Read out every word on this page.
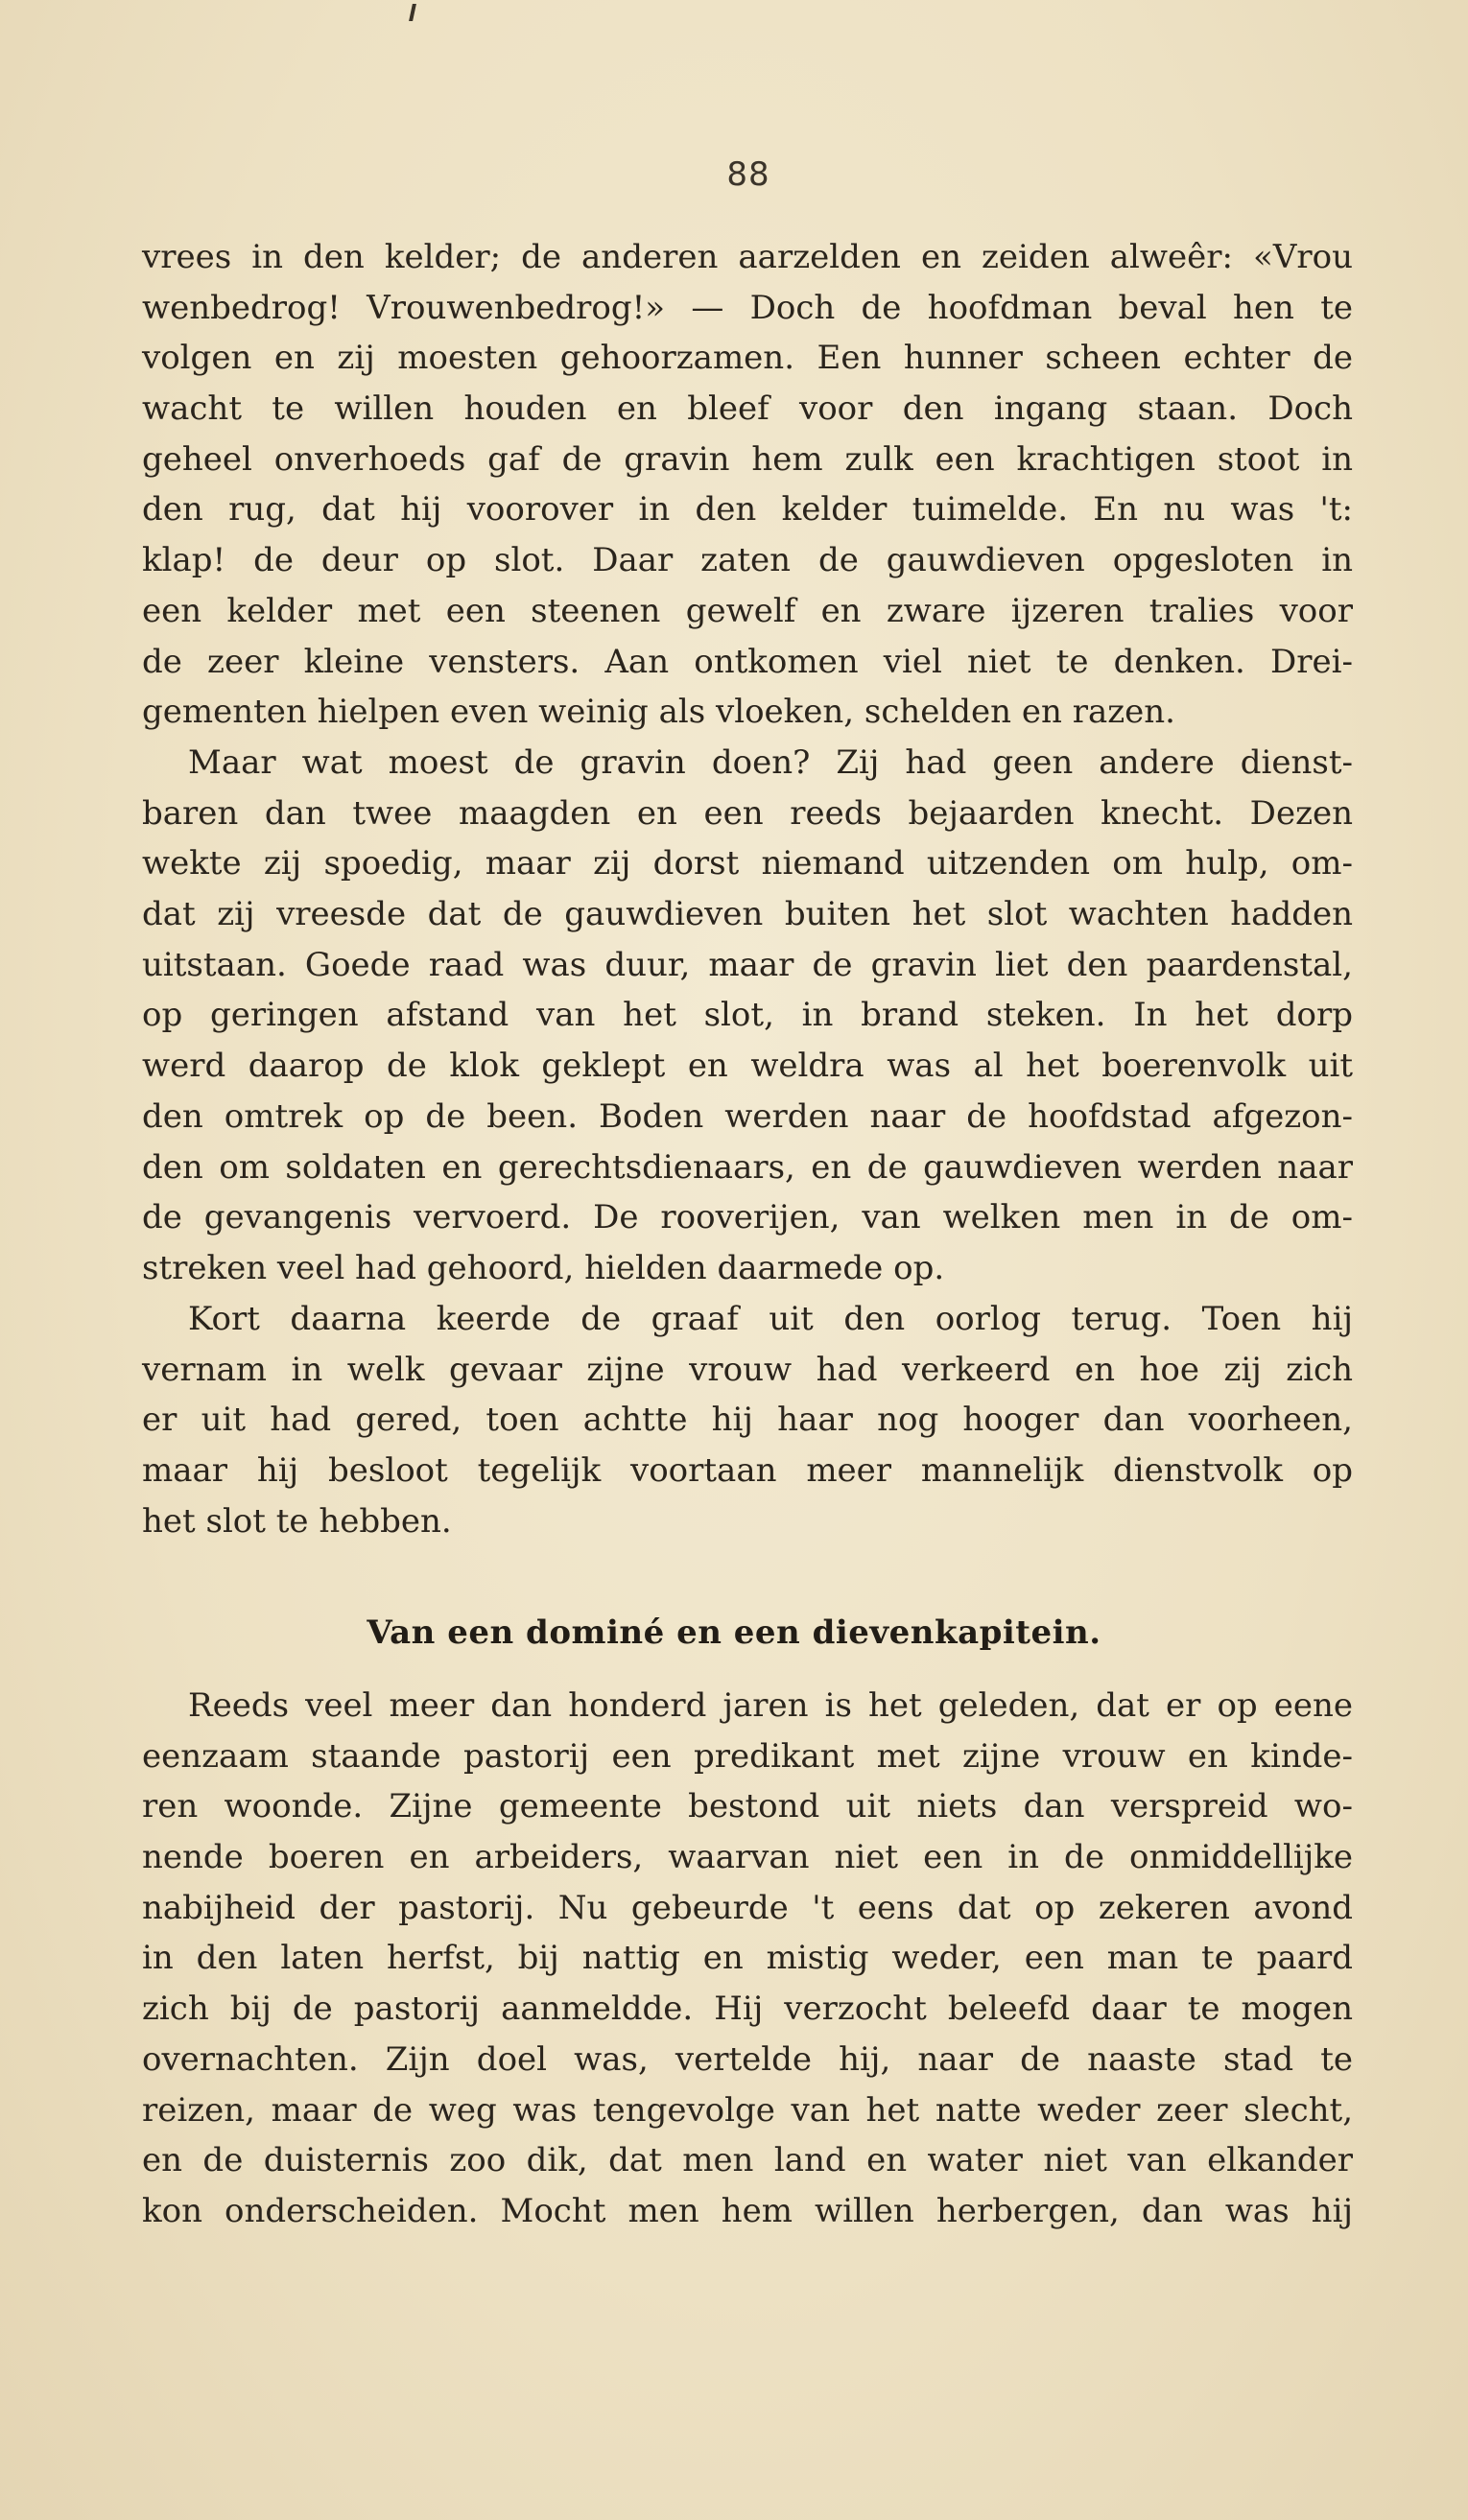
88
vrees in den kelder; de anderen aarzelden en zeiden alweêr: «Vrou
wenbedrog! Vrouwenbedrog!» — Doch de hoofdman beval hen te
volgen en zij moesten gehoorzamen. Een hunner scheen echter de
wacht te willen houden en bleef voor den ingang staan. Doch
geheel onverhoeds gaf de gravin hem zulk een krachtigen stoot in
den rug, dat hij voorover in den kelder tuimelde. En nu was 't:
klap! de deur op slot. Daar zaten de gauwdieven opgesloten in
een kelder met een steenen gewelf en zware ijzeren tralies voor
de zeer kleine vensters. Aan ontkomen viel niet te denken. Drei-
gementen hielpen even weinig als vloeken, schelden en razen.
Maar wat moest de gravin doen? Zij had geen andere dienst-
baren dan twee maagden en een reeds bejaarden knecht. Dezen
wekte zij spoedig, maar zij dorst niemand uitzenden om hulp, om-
dat zij vreesde dat de gauwdieven buiten het slot wachten hadden
uitstaan. Goede raad was duur, maar de gravin liet den paardenstal,
op geringen afstand van het slot, in brand steken. In het dorp
werd daarop de klok geklept en weldra was al het boerenvolk uit
den omtrek op de been. Boden werden naar de hoofdstad afgezon-
den om soldaten en gerechtsdienaars, en de gauwdieven werden naar
de gevangenis vervoerd. De rooverijen, van welken men in de om-
streken veel had gehoord, hielden daarmede op.
Kort daarna keerde de graaf uit den oorlog terug. Toen hij
vernam in welk gevaar zijne vrouw had verkeerd en hoe zij zich
er uit had gered, toen achtte hij haar nog hooger dan voorheen,
maar hij besloot tegelijk voortaan meer mannelijk dienstvolk op
het slot te hebben.
Van een dominé en een dievenkapitein.
Reeds veel meer dan honderd jaren is het geleden, dat er op eene
eenzaam staande pastorij een predikant met zijne vrouw en kinde-
ren woonde. Zijne gemeente bestond uit niets dan verspreid wo-
nende boeren en arbeiders, waarvan niet een in de onmiddellijke
nabijheid der pastorij. Nu gebeurde 't eens dat op zekeren avond
in den laten herfst, bij nattig en mistig weder, een man te paard
zich bij de pastorij aanmeldde. Hij verzocht beleefd daar te mogen
overnachten. Zijn doel was, vertelde hij, naar de naaste stad te
reizen, maar de weg was tengevolge van het natte weder zeer slecht,
en de duisternis zoo dik, dat men land en water niet van elkander
kon onderscheiden. Mocht men hem willen herbergen, dan was hij
